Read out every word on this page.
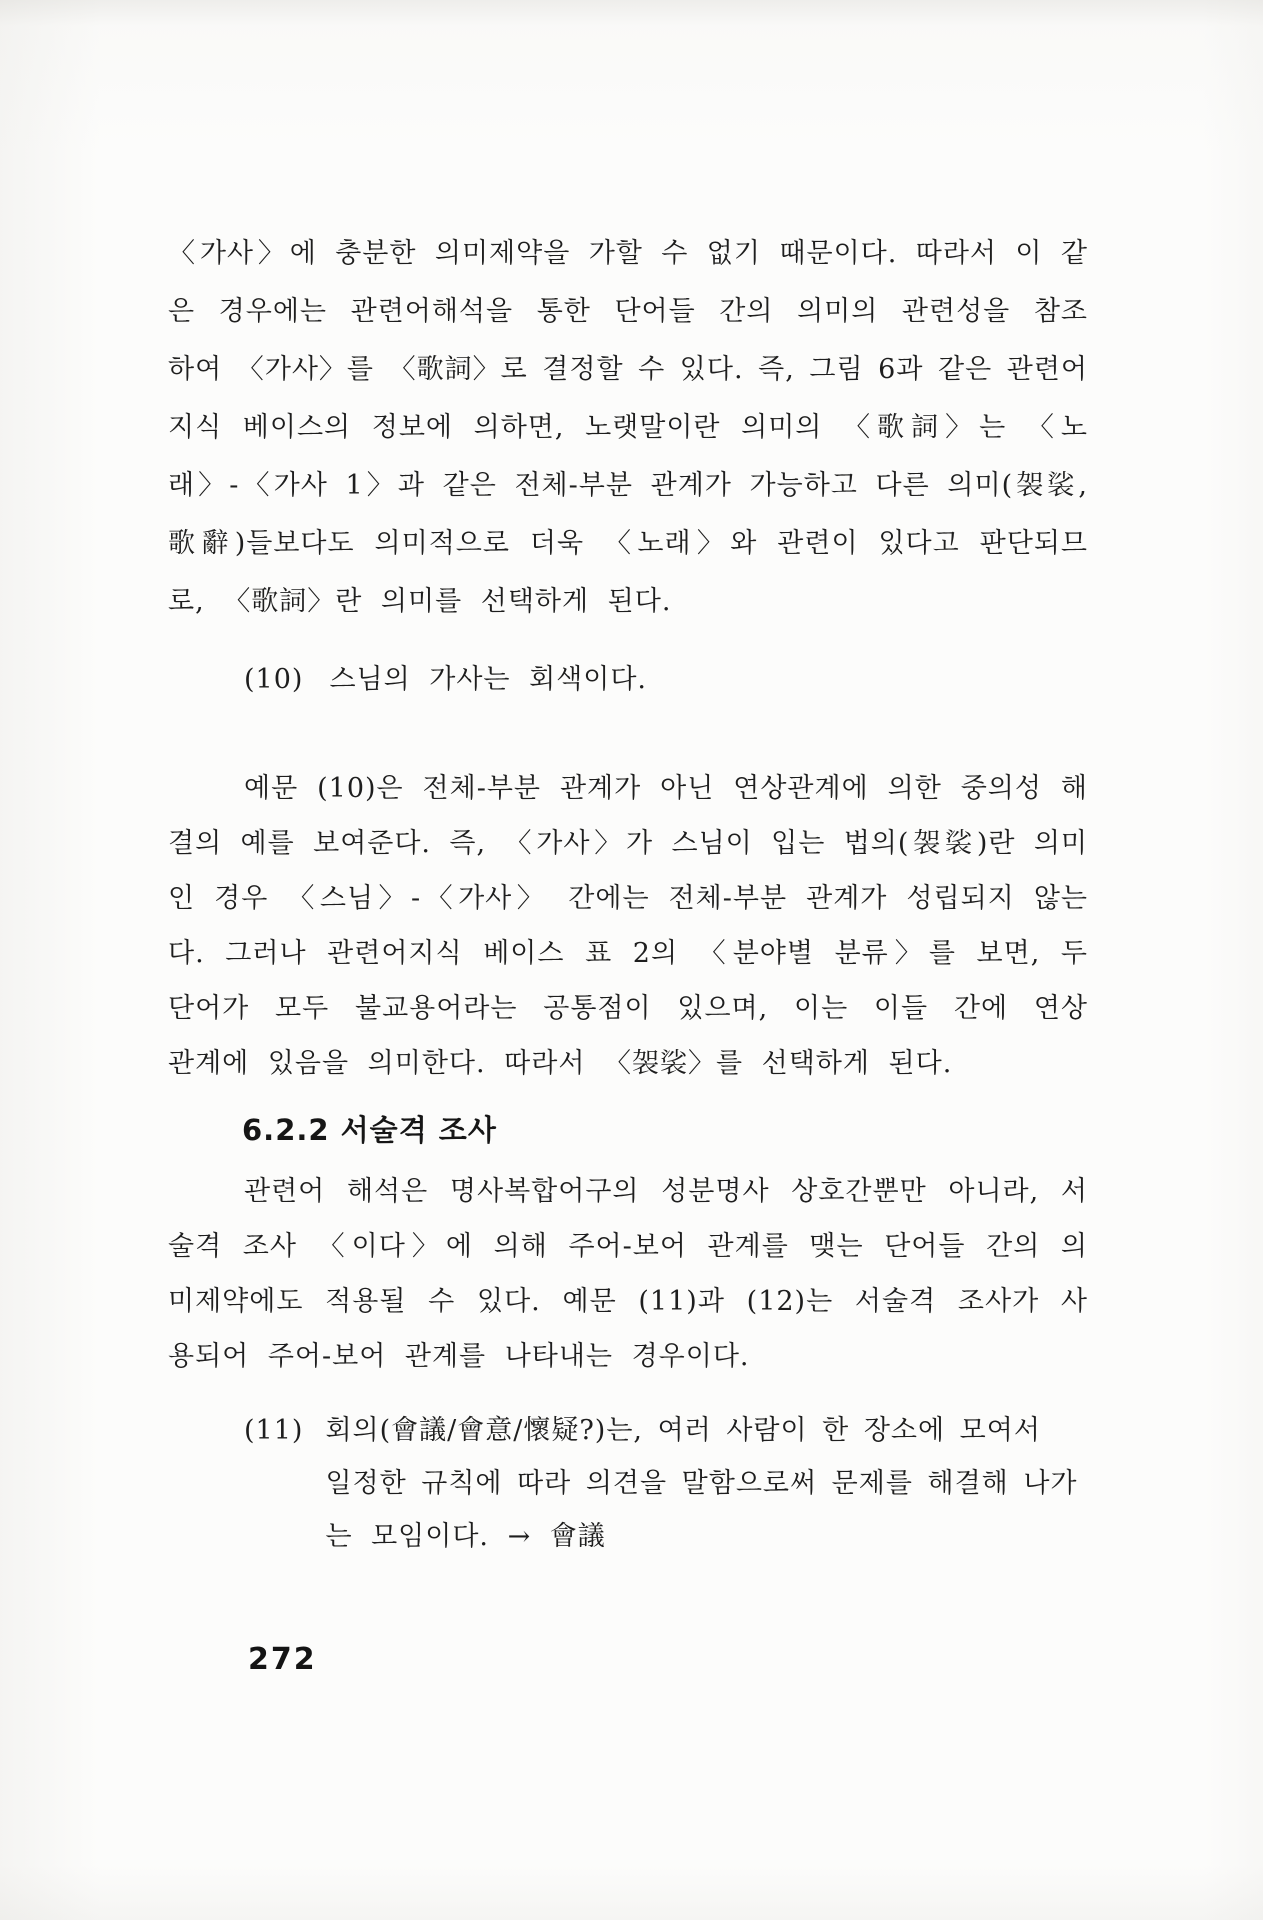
〈가사〉에 충분한 의미제약을 가할 수 없기 때문이다. 따라서 이 같
은 경우에는 관련어해석을 통한 단어들 간의 의미의 관련성을 참조
하여 〈가사〉를 〈歌詞〉로 결정할 수 있다. 즉, 그림 6과 같은 관련어
지식 베이스의 정보에 의하면, 노랫말이란 의미의 〈歌詞〉는 〈노
래〉-〈가사 1〉과 같은 전체-부분 관계가 가능하고 다른 의미(袈裟,
歌辭)들보다도 의미적으로 더욱 〈노래〉와 관련이 있다고 판단되므
로, 〈歌詞〉란 의미를 선택하게 된다.
(10) 스님의 가사는 회색이다.
예문 (10)은 전체-부분 관계가 아닌 연상관계에 의한 중의성 해
결의 예를 보여준다. 즉, 〈가사〉가 스님이 입는 법의(袈裟)란 의미
인 경우 〈스님〉-〈가사〉 간에는 전체-부분 관계가 성립되지 않는
다. 그러나 관련어지식 베이스 표 2의 〈분야별 분류〉를 보면, 두
단어가 모두 불교용어라는 공통점이 있으며, 이는 이들 간에 연상
관계에 있음을 의미한다. 따라서 〈袈裟〉를 선택하게 된다.
6.2.2 서술격 조사
관련어 해석은 명사복합어구의 성분명사 상호간뿐만 아니라, 서
술격 조사 〈이다〉에 의해 주어-보어 관계를 맺는 단어들 간의 의
미제약에도 적용될 수 있다. 예문 (11)과 (12)는 서술격 조사가 사
용되어 주어-보어 관계를 나타내는 경우이다.
(11) 회의(會議/會意/懷疑?)는, 여러 사람이 한 장소에 모여서
일정한 규칙에 따라 의견을 말함으로써 문제를 해결해 나가
는 모임이다. → 會議
272
